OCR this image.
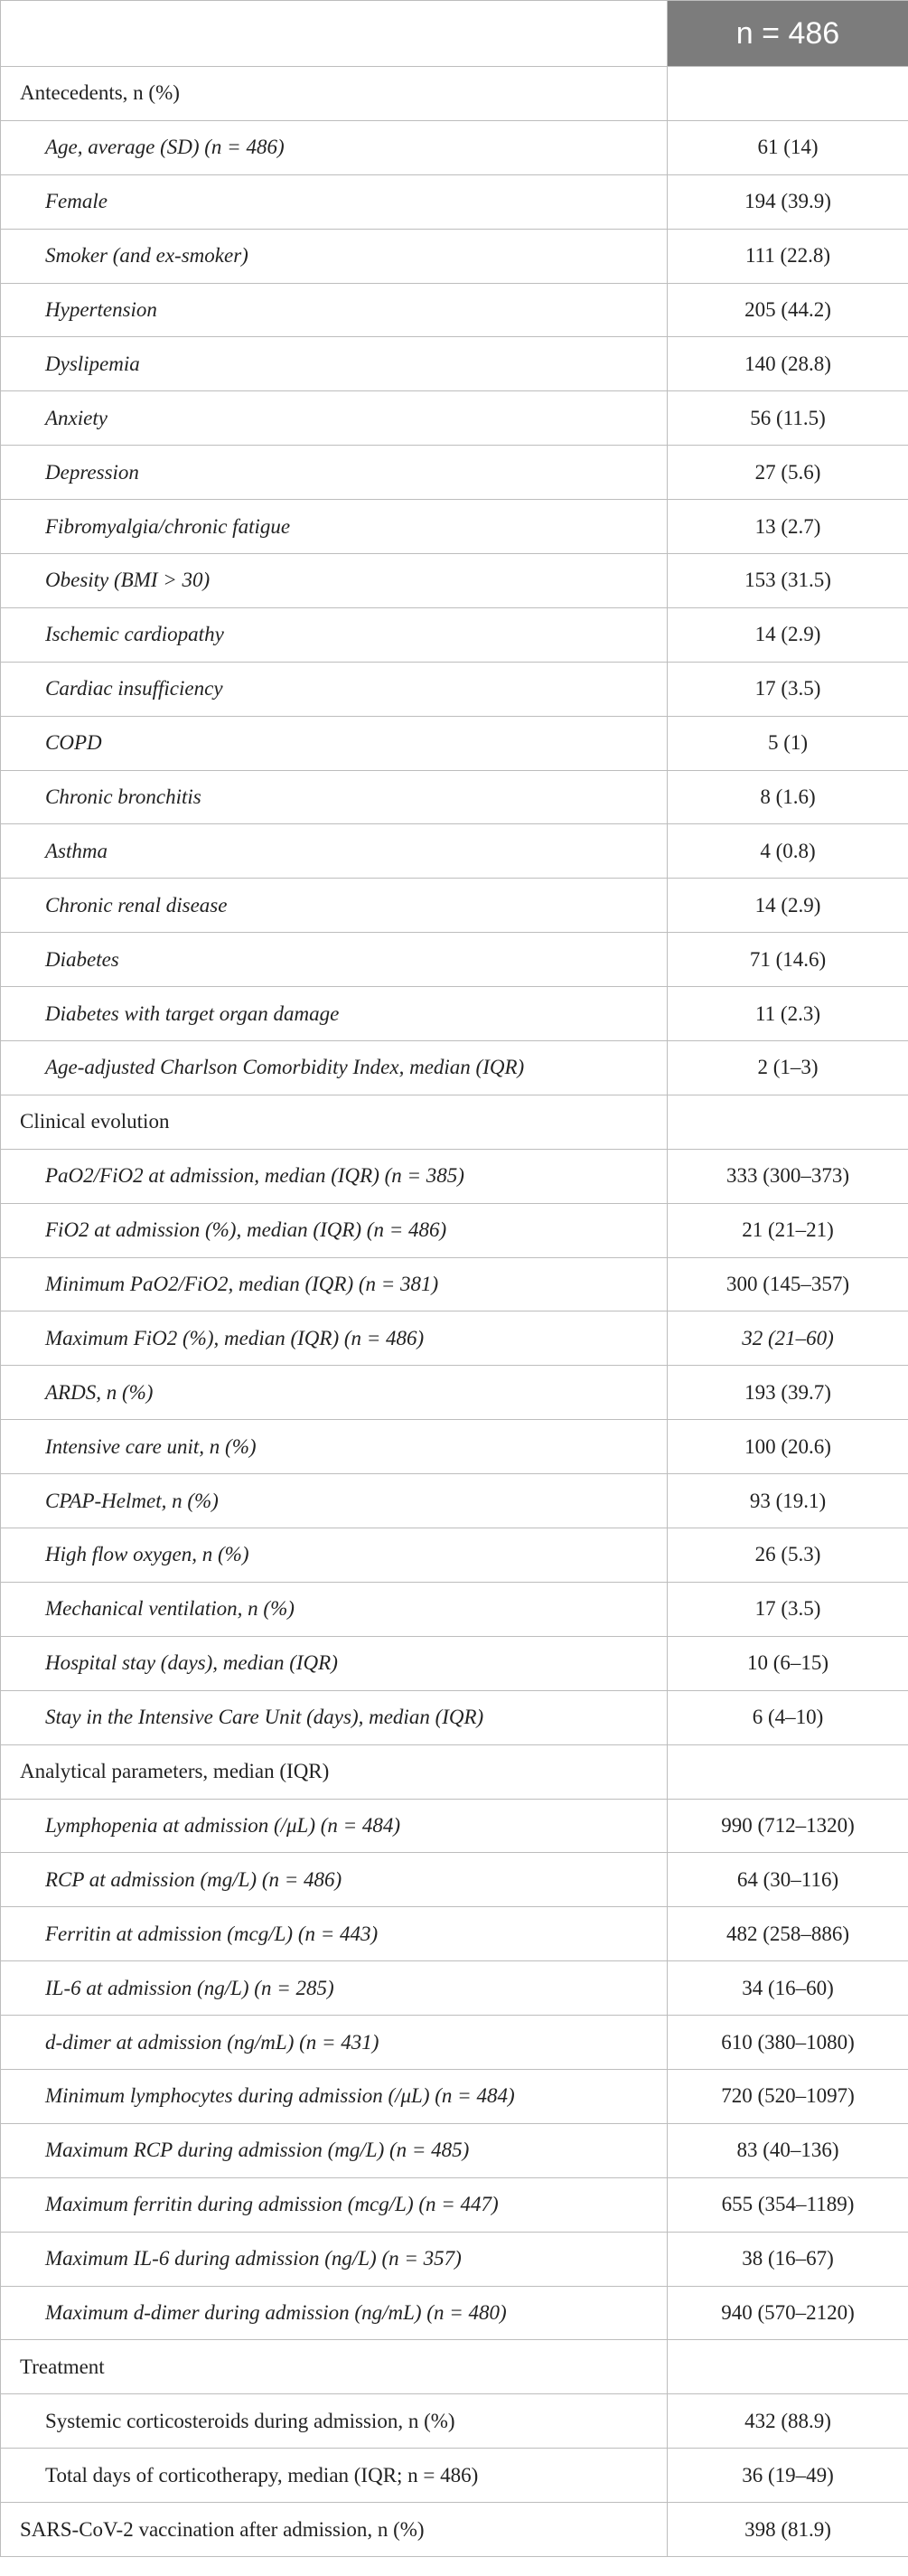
	n = 486
Antecedents, n (%)	
Age, average (SD) (n = 486)	61 (14)
Female	194 (39.9)
Smoker (and ex-smoker)	111 (22.8)
Hypertension	205 (44.2)
Dyslipemia	140 (28.8)
Anxiety	56 (11.5)
Depression	27 (5.6)
Fibromyalgia/chronic fatigue	13 (2.7)
Obesity (BMI > 30)	153 (31.5)
Ischemic cardiopathy	14 (2.9)
Cardiac insufficiency	17 (3.5)
COPD	5 (1)
Chronic bronchitis	8 (1.6)
Asthma	4 (0.8)
Chronic renal disease	14 (2.9)
Diabetes	71 (14.6)
Diabetes with target organ damage	11 (2.3)
Age-adjusted Charlson Comorbidity Index, median (IQR)	2 (1–3)
Clinical evolution	
PaO2/FiO2 at admission, median (IQR) (n = 385)	333 (300–373)
FiO2 at admission (%), median (IQR) (n = 486)	21 (21–21)
Minimum PaO2/FiO2, median (IQR) (n = 381)	300 (145–357)
Maximum FiO2 (%), median (IQR) (n = 486)	32 (21–60)
ARDS, n (%)	193 (39.7)
Intensive care unit, n (%)	100 (20.6)
CPAP-Helmet, n (%)	93 (19.1)
High flow oxygen, n (%)	26 (5.3)
Mechanical ventilation, n (%)	17 (3.5)
Hospital stay (days), median (IQR)	10 (6–15)
Stay in the Intensive Care Unit (days), median (IQR)	6 (4–10)
Analytical parameters, median (IQR)	
Lymphopenia at admission (/μL) (n = 484)	990 (712–1320)
RCP at admission (mg/L) (n = 486)	64 (30–116)
Ferritin at admission (mcg/L) (n = 443)	482 (258–886)
IL-6 at admission (ng/L) (n = 285)	34 (16–60)
d-dimer at admission (ng/mL) (n = 431)	610 (380–1080)
Minimum lymphocytes during admission (/μL) (n = 484)	720 (520–1097)
Maximum RCP during admission (mg/L) (n = 485)	83 (40–136)
Maximum ferritin during admission (mcg/L) (n = 447)	655 (354–1189)
Maximum IL-6 during admission (ng/L) (n = 357)	38 (16–67)
Maximum d-dimer during admission (ng/mL) (n = 480)	940 (570–2120)
Treatment	
Systemic corticosteroids during admission, n (%)	432 (88.9)
Total days of corticotherapy, median (IQR; n = 486)	36 (19–49)
SARS-CoV-2 vaccination after admission, n (%)	398 (81.9)
